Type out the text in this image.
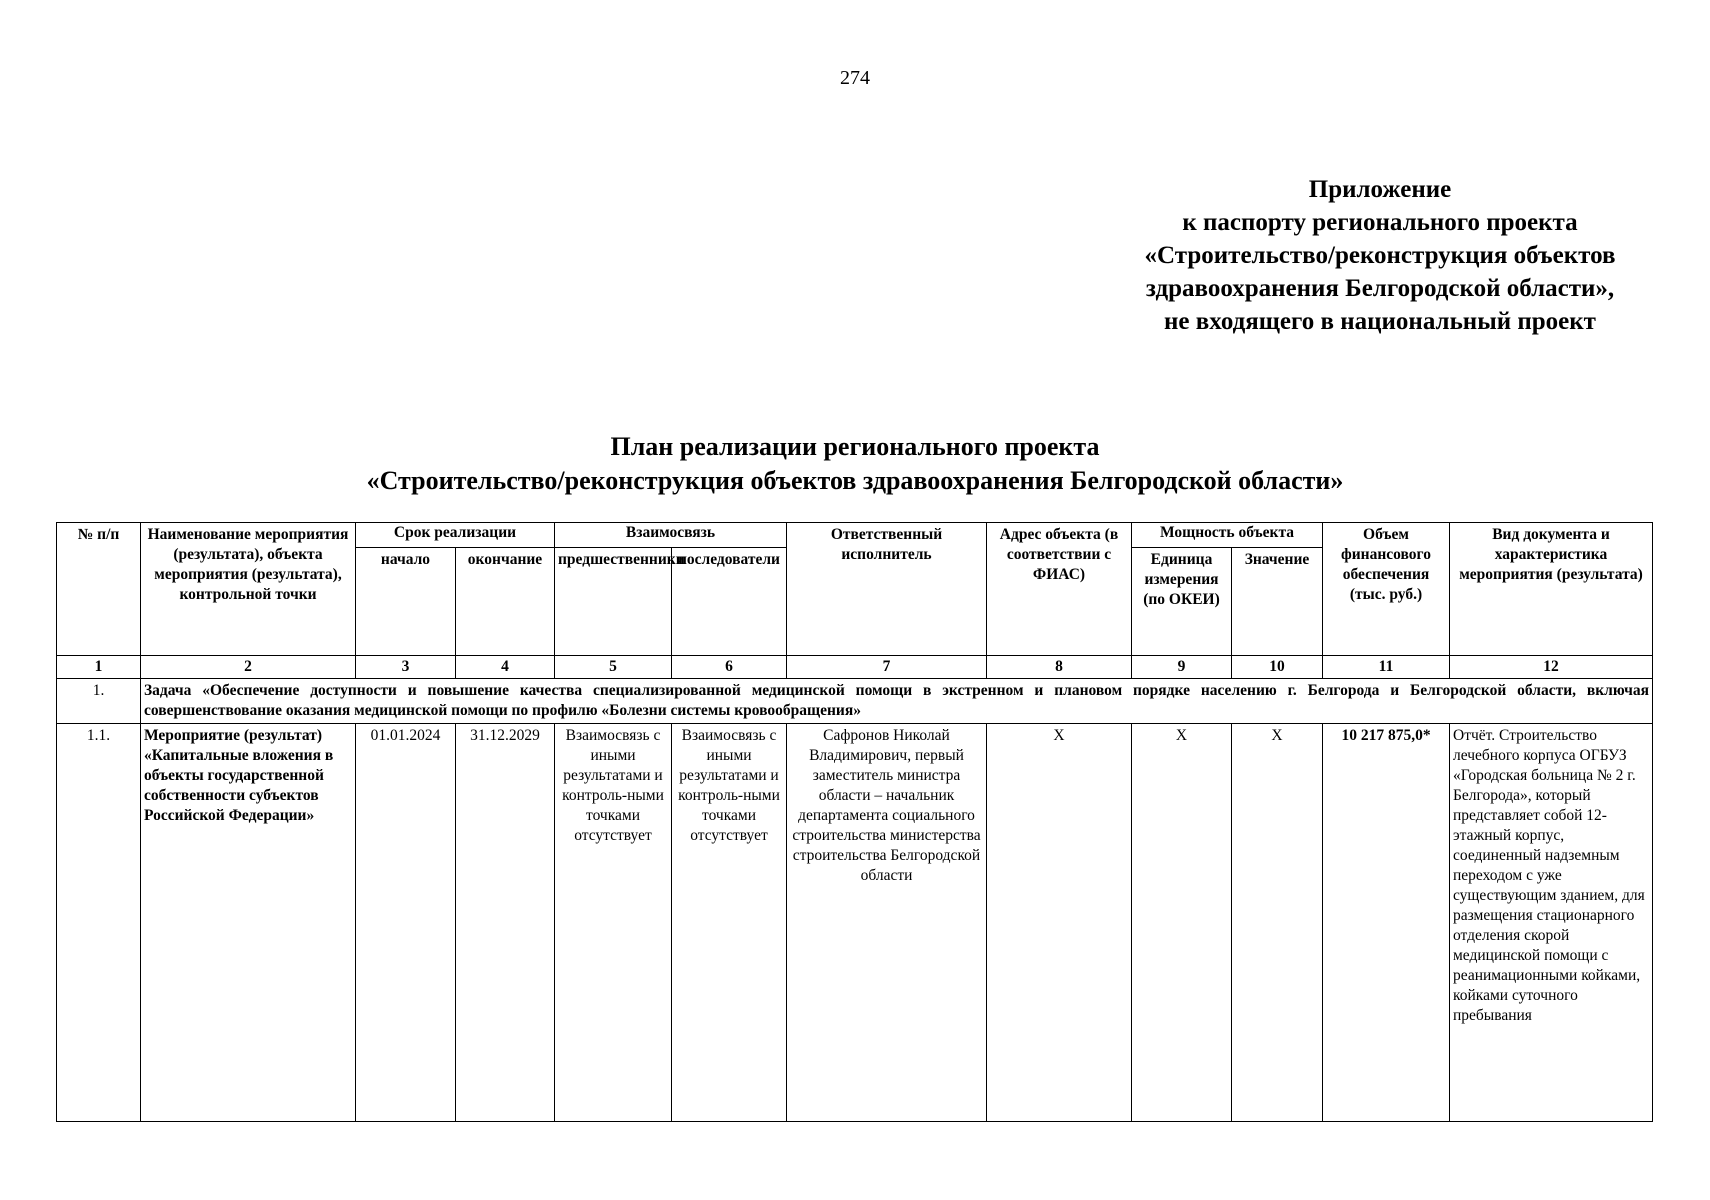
274
Приложение
к паспорту регионального проекта
«Строительство/реконструкция объектов
здравоохранения Белгородской области»,
не входящего в национальный проект
План реализации регионального проекта
«Строительство/реконструкция объектов здравоохранения Белгородской области»
№ п/п	Наименование мероприятия (результата), объекта мероприятия (результата), контрольной точки	Срок реализации		Взаимосвязь		Ответственный исполнитель	Адрес объекта (в соответствии с ФИАС)	Мощность объекта		Объем финансового обеспечения (тыс. руб.)	Вид документа и характеристика мероприятия (результата)
		начало	окончание	предшественники	последователи			Единица измерения (по ОКЕИ)	Значение		
1	2	3	4	5	6	7	8	9	10	11	12
1.	Задача «Обеспечение доступности и повышение качества специализированной медицинской помощи в экстренном и плановом порядке населению г. Белгорода и Белгородской области, включая совершенствование оказания медицинской помощи по профилю «Болезни системы кровообращения»										
1.1.	Мероприятие (результат) «Капитальные вложения в объекты государственной собственности субъектов Российской Федерации»	01.01.2024	31.12.2029	Взаимосвязь с иными результатами и контроль-ными точками отсутствует	Взаимосвязь с иными результатами и контроль-ными точками отсутствует	Сафронов Николай Владимирович, первый заместитель министра области – начальник департамента социального строительства министерства строительства Белгородской области	Х	Х	Х	10 217 875,0*	Отчёт. Строительство лечебного корпуса ОГБУЗ «Городская больница № 2 г. Белгорода», который представляет собой 12-этажный корпус, соединенный надземным переходом с уже существующим зданием, для размещения стационарного отделения скорой медицинской помощи с реанимационными койками, койками суточного пребывания
